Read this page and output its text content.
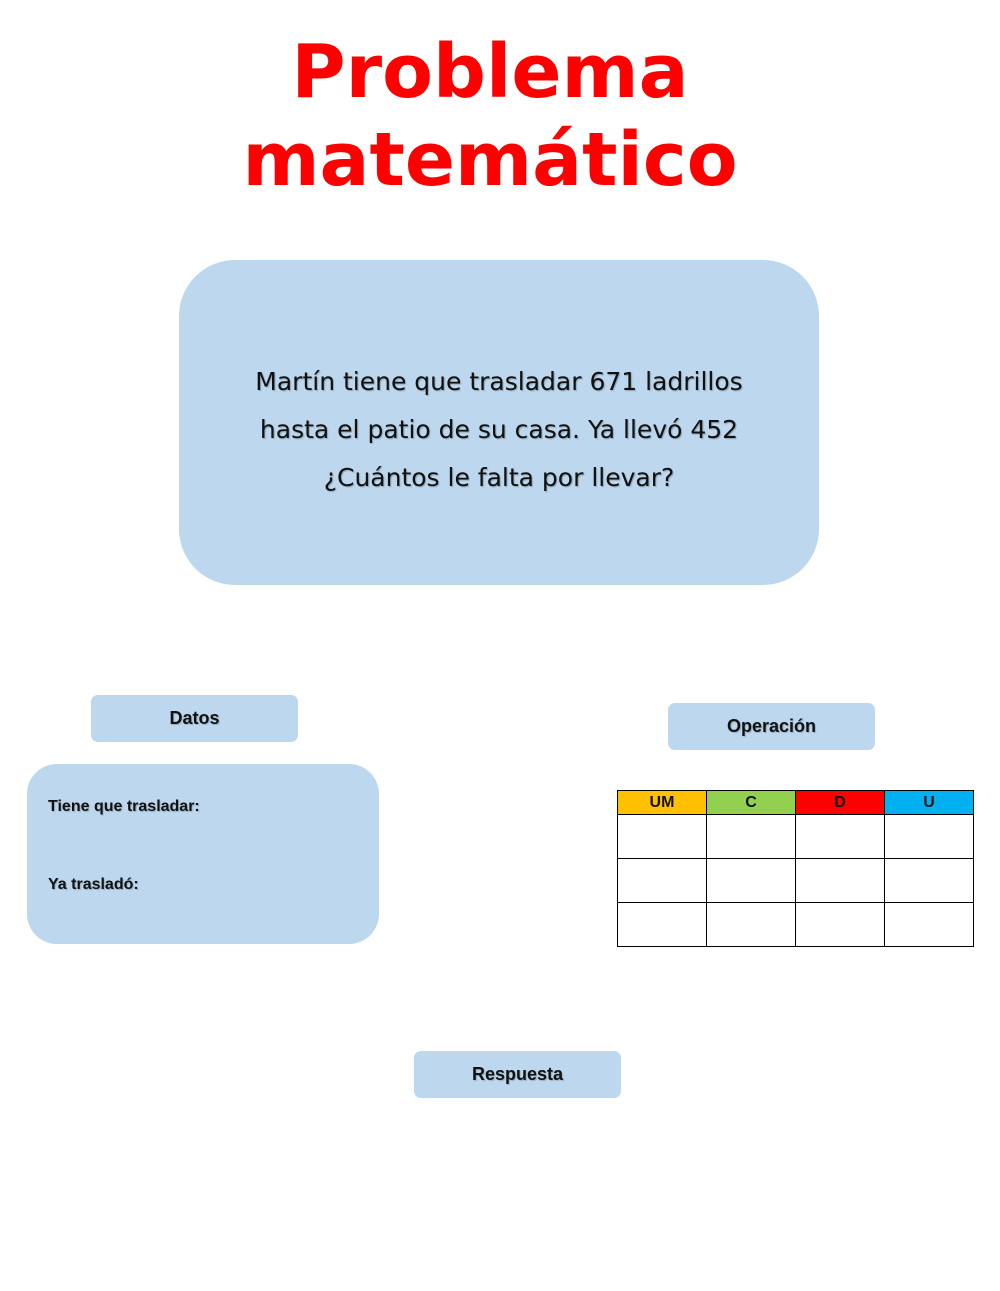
Problema
matemático
Martín tiene que trasladar 671 ladrillos
hasta el patio de su casa. Ya llevó 452
¿Cuántos le falta por llevar?
Datos
Tiene que trasladar:
Ya trasladó:
Operación
UM	C	D	U

Respuesta
